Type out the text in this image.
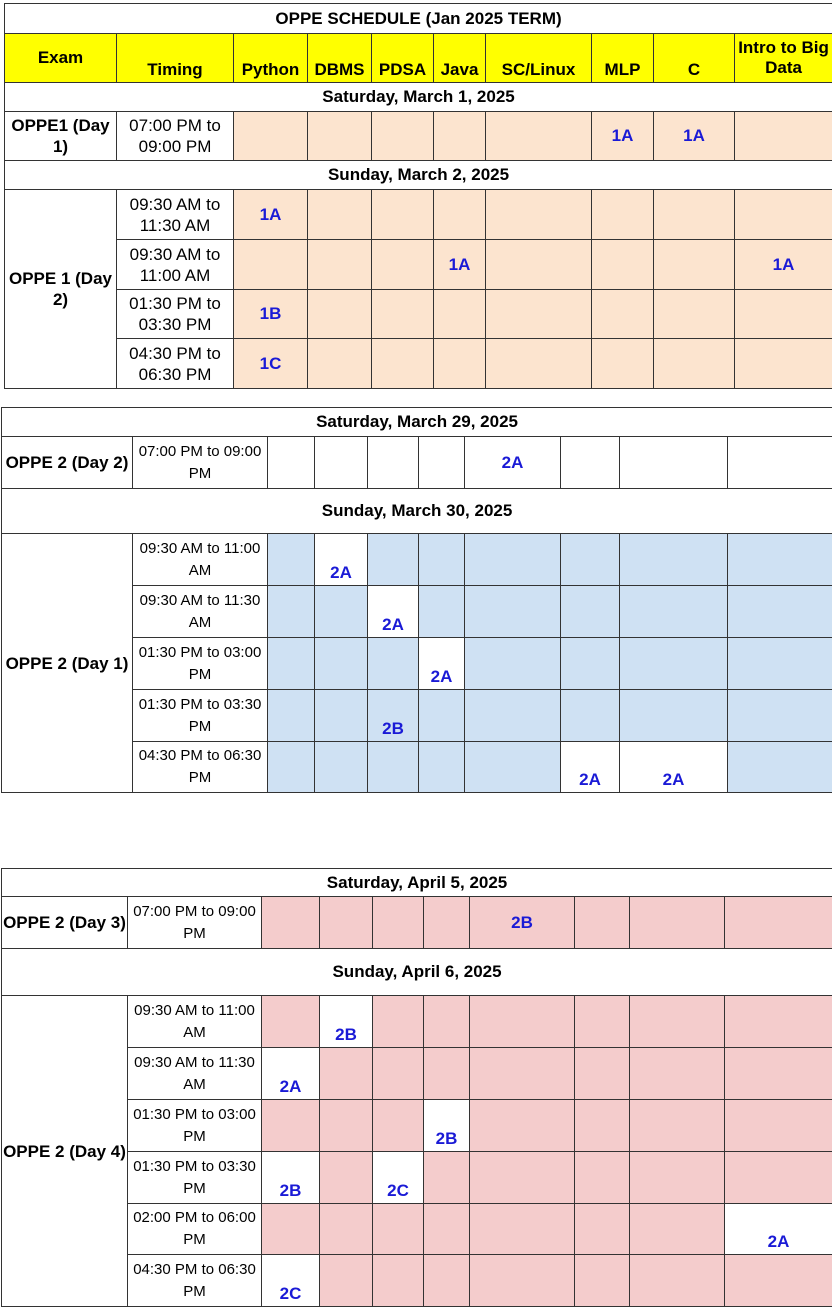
OPPE SCHEDULE (Jan 2025 TERM)									
Exam	Timing	Python	DBMS	PDSA	Java	SC/Linux	MLP	C	Intro to Big Data
Saturday, March 1, 2025									
OPPE1 (Day 1)	07:00 PM to 09:00 PM						1A	1A	
Sunday, March 2, 2025									
OPPE 1 (Day 2)	09:30 AM to 11:30 AM	1A							
	09:30 AM to 11:00 AM				1A				1A
	01:30 PM to 03:30 PM	1B							
	04:30 PM to 06:30 PM	1C							
Saturday, March 29, 2025									
OPPE 2 (Day 2)	07:00 PM to 09:00 PM					2A			
Sunday, March 30, 2025									
OPPE 2 (Day 1)	09:30 AM to 11:00 AM		2A						
	09:30 AM to 11:30 AM			2A					
	01:30 PM to 03:00 PM				2A				
	01:30 PM to 03:30 PM			2B					
	04:30 PM to 06:30 PM						2A	2A	
Saturday, April 5, 2025									
OPPE 2 (Day 3)	07:00 PM to 09:00 PM					2B			
Sunday, April 6, 2025									
OPPE 2 (Day 4)	09:30 AM to 11:00 AM		2B						
	09:30 AM to 11:30 AM	2A							
	01:30 PM to 03:00 PM				2B				
	01:30 PM to 03:30 PM	2B		2C					
	02:00 PM to 06:00 PM								2A
	04:30 PM to 06:30 PM	2C							
